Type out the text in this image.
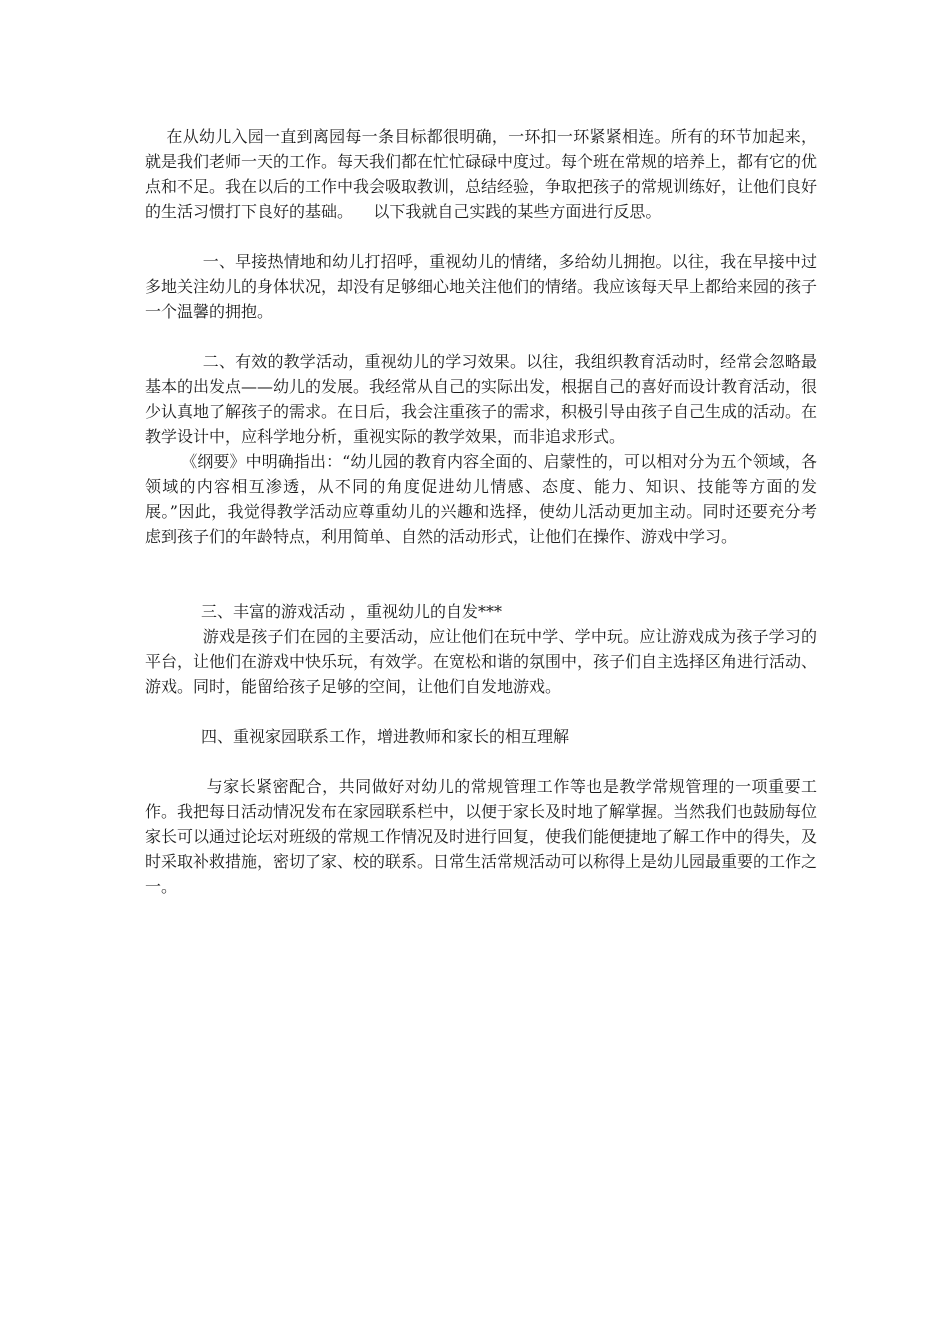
在从幼儿入园一直到离园每一条目标都很明确，一环扣一环紧紧相连。所有的环节加起来，就是我们老师一天的工作。每天我们都在忙忙碌碌中度过。每个班在常规的培养上，都有它的优点和不足。我在以后的工作中我会吸取教训，总结经验，争取把孩子的常规训练好，让他们良好的生活习惯打下良好的基础。    以下我就自己实践的某些方面进行反思。

一、早接热情地和幼儿打招呼，重视幼儿的情绪，多给幼儿拥抱。以往，我在早接中过多地关注幼儿的身体状况，却没有足够细心地关注他们的情绪。我应该每天早上都给来园的孩子一个温馨的拥抱。

二、有效的教学活动，重视幼儿的学习效果。以往，我组织教育活动时，经常会忽略最基本的出发点——幼儿的发展。我经常从自己的实际出发，根据自己的喜好而设计教育活动，很少认真地了解孩子的需求。在日后，我会注重孩子的需求，积极引导由孩子自己生成的活动。在教学设计中，应科学地分析，重视实际的教学效果，而非追求形式。

《纲要》中明确指出：“幼儿园的教育内容全面的、启蒙性的，可以相对分为五个领域，各领域的内容相互渗透，从不同的角度促进幼儿情感、态度、能力、知识、技能等方面的发展。”因此，我觉得教学活动应尊重幼儿的兴趣和选择，使幼儿活动更加主动。同时还要充分考虑到孩子们的年龄特点，利用简单、自然的活动形式，让他们在操作、游戏中学习。

三、丰富的游戏活动 ，重视幼儿的自发***

游戏是孩子们在园的主要活动，应让他们在玩中学、学中玩。应让游戏成为孩子学习的平台，让他们在游戏中快乐玩，有效学。在宽松和谐的氛围中，孩子们自主选择区角进行活动、游戏。同时，能留给孩子足够的空间，让他们自发地游戏。

四、重视家园联系工作，增进教师和家长的相互理解

与家长紧密配合，共同做好对幼儿的常规管理工作等也是教学常规管理的一项重要工作。我把每日活动情况发布在家园联系栏中，以便于家长及时地了解掌握。当然我们也鼓励每位家长可以通过论坛对班级的常规工作情况及时进行回复，使我们能便捷地了解工作中的得失，及时采取补救措施，密切了家、校的联系。日常生活常规活动可以称得上是幼儿园最重要的工作之一。
